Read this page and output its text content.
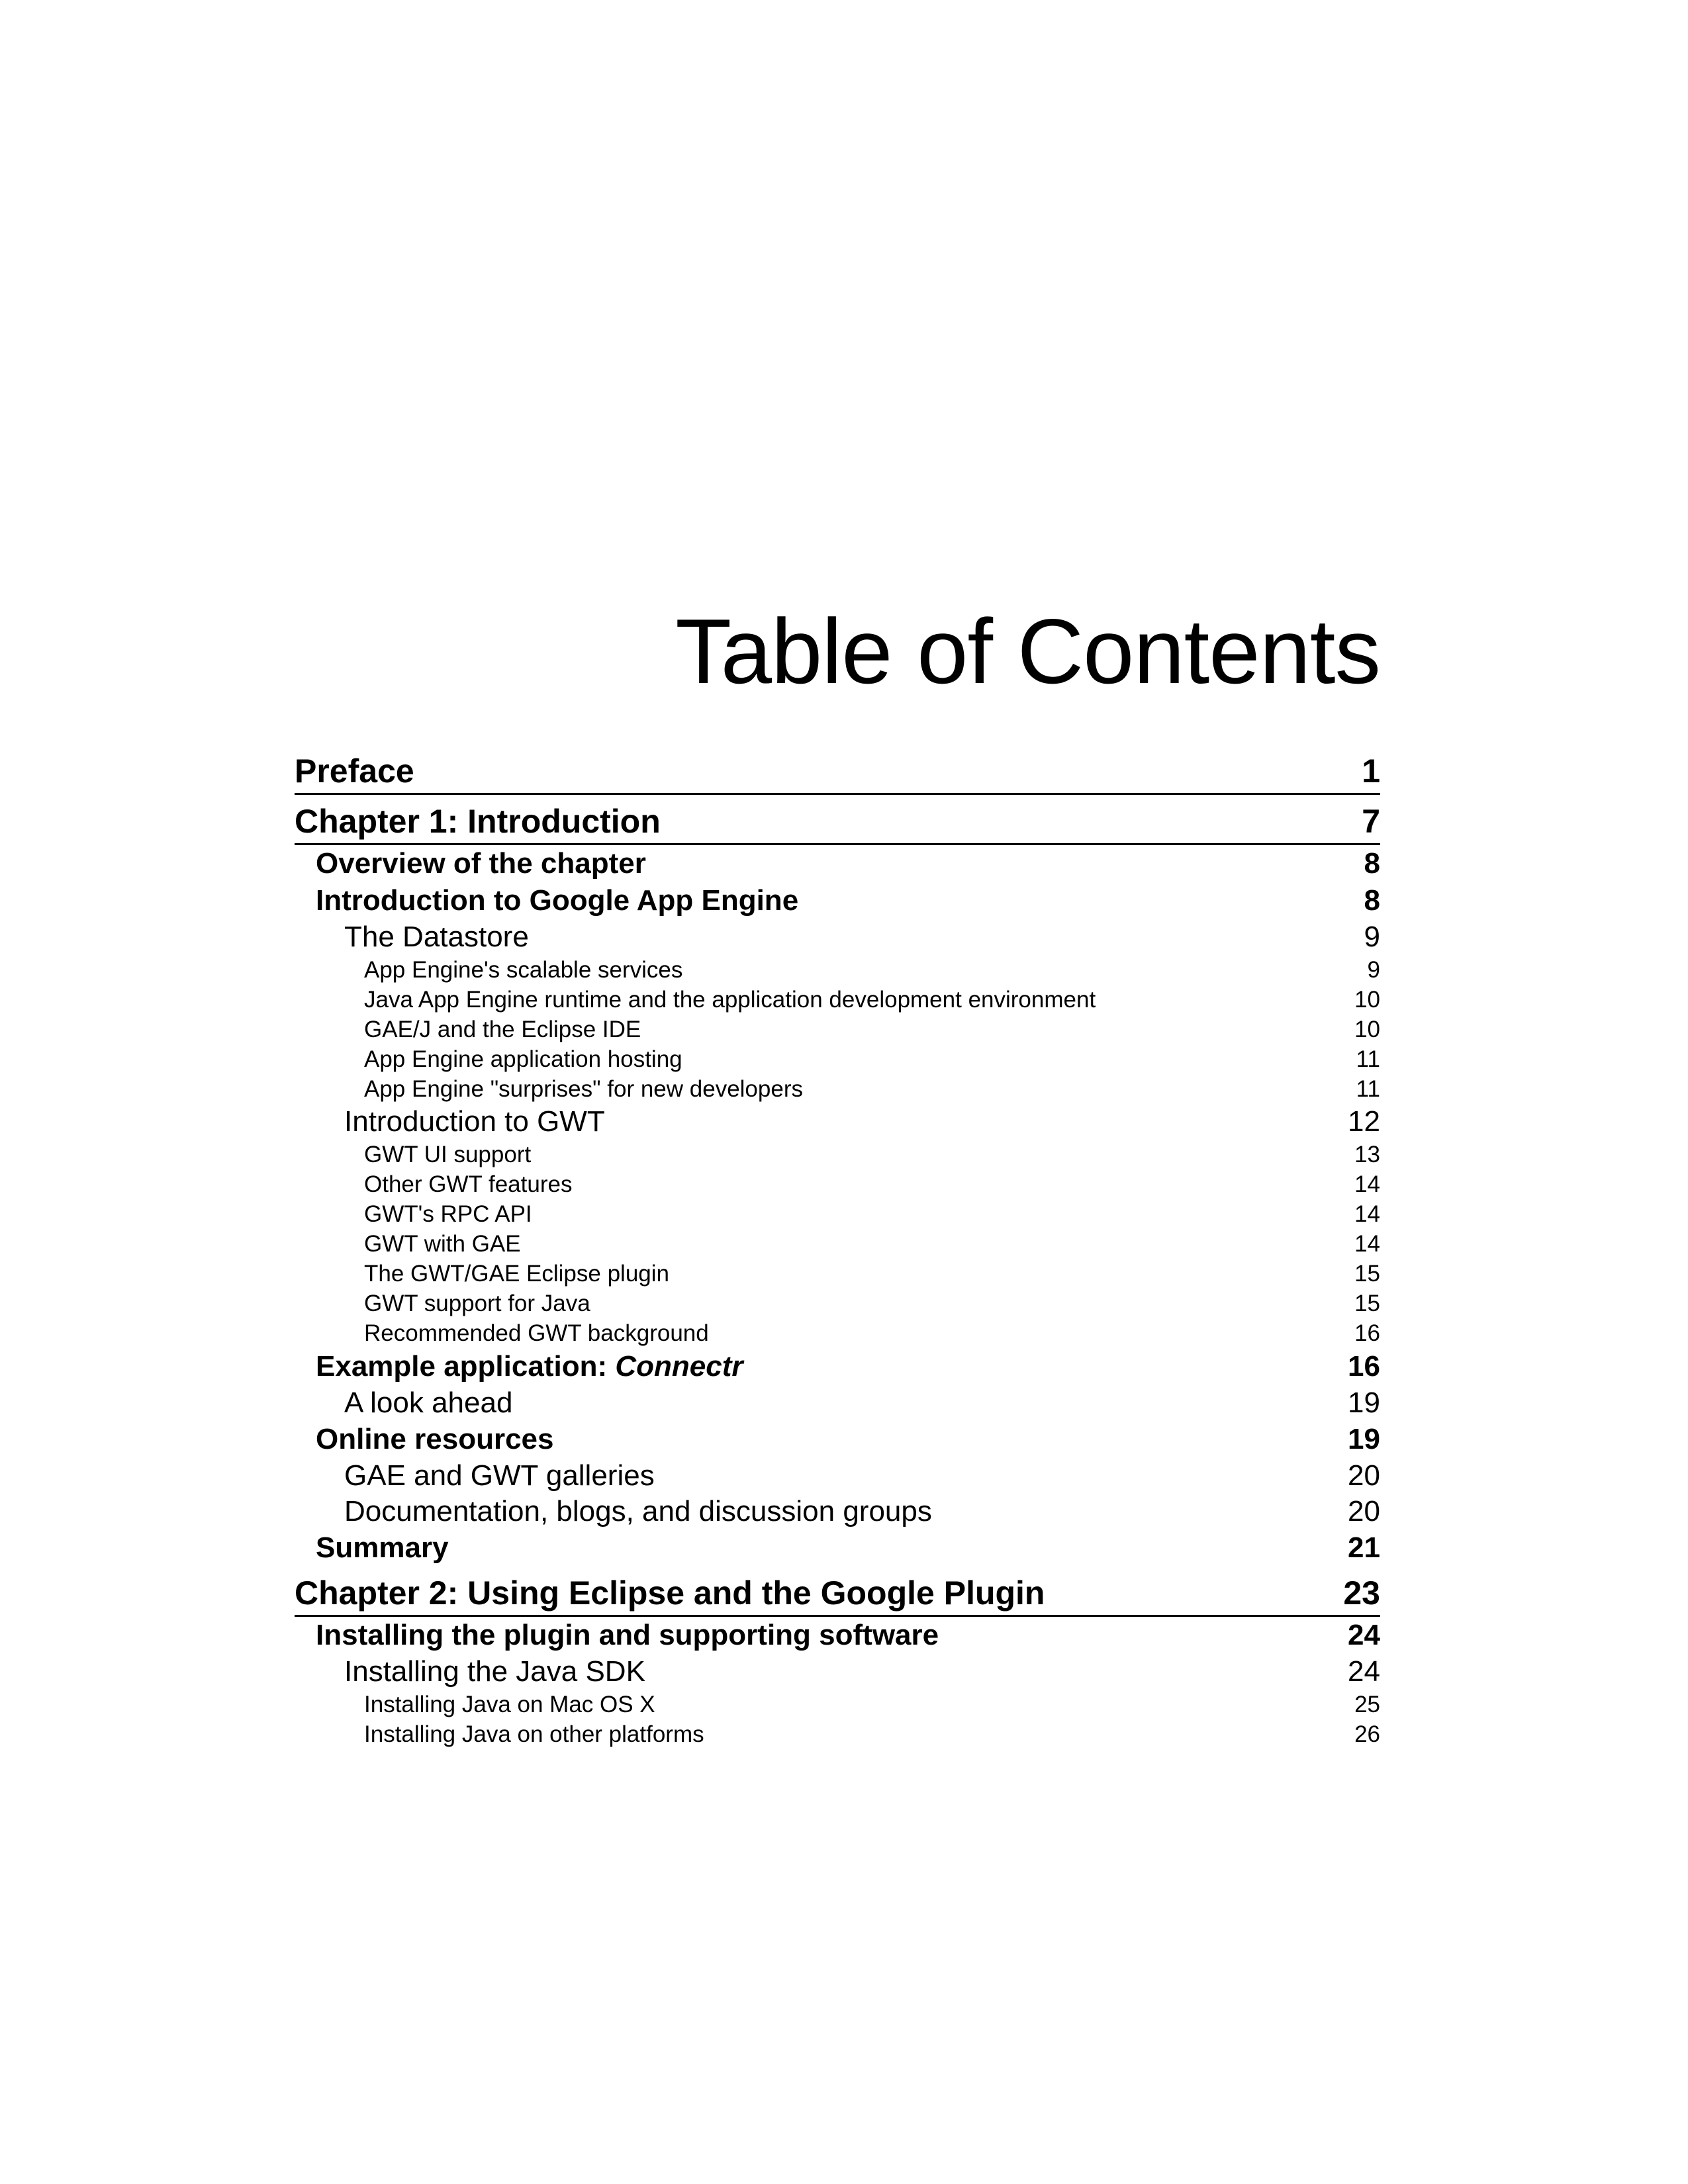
Table of Contents
Preface	1
Chapter 1: Introduction	7
Overview of the chapter	8
Introduction to Google App Engine	8
The Datastore	9
App Engine's scalable services	9
Java App Engine runtime and the application development environment	10
GAE/J and the Eclipse IDE	10
App Engine application hosting	11
App Engine "surprises" for new developers	11
Introduction to GWT	12
GWT UI support	13
Other GWT features	14
GWT's RPC API	14
GWT with GAE	14
The GWT/GAE Eclipse plugin	15
GWT support for Java	15
Recommended GWT background	16
Example application: Connectr	16
A look ahead	19
Online resources	19
GAE and GWT galleries	20
Documentation, blogs, and discussion groups	20
Summary	21
Chapter 2: Using Eclipse and the Google Plugin	23
Installing the plugin and supporting software	24
Installing the Java SDK	24
Installing Java on Mac OS X	25
Installing Java on other platforms	26
